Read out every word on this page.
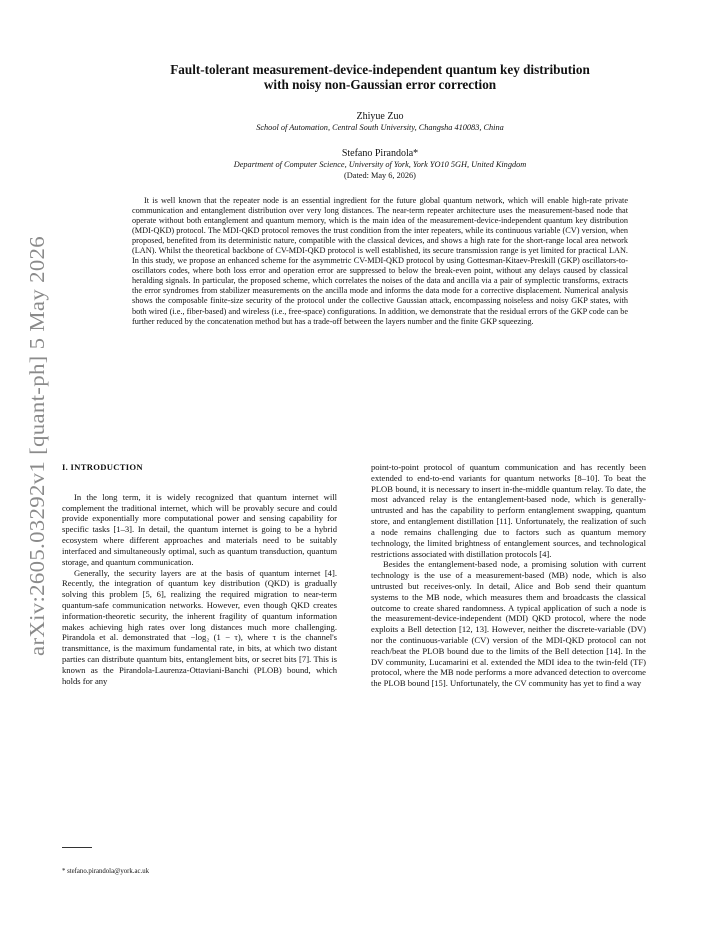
arXiv:2605.03292v1 [quant-ph] 5 May 2026
Fault-tolerant measurement-device-independent quantum key distribution
with noisy non-Gaussian error correction

Zhiyue Zuo

School of Automation, Central South University, Changsha 410083, China

Stefano Pirandola*

Department of Computer Science, University of York, York YO10 5GH, United Kingdom

(Dated: May 6, 2026)

It is well known that the repeater node is an essential ingredient for the future global quantum network, which will enable high-rate private communication and entanglement distribution over very long distances. The near-term repeater architecture uses the measurement-based node that operate without both entanglement and quantum memory, which is the main idea of the measurement-device-independent quantum key distribution (MDI-QKD) protocol. The MDI-QKD protocol removes the trust condition from the inter repeaters, while its continuous variable (CV) version, when proposed, benefited from its deterministic nature, compatible with the classical devices, and shows a high rate for the short-range local area network (LAN). Whilst the theoretical backbone of CV-MDI-QKD protocol is well established, its secure transmission range is yet limited for practical LAN. In this study, we propose an enhanced scheme for the asymmetric CV-MDI-QKD protocol by using Gottesman-Kitaev-Preskill (GKP) oscillators-to-oscillators codes, where both loss error and operation error are suppressed to below the break-even point, without any delays caused by classical heralding signals. In particular, the proposed scheme, which correlates the noises of the data and ancilla via a pair of symplectic transforms, extracts the error syndromes from stabilizer measurements on the ancilla mode and informs the data mode for a corrective displacement. Numerical analysis shows the composable finite-size security of the protocol under the collective Gaussian attack, encompassing noiseless and noisy GKP states, with both wired (i.e., fiber-based) and wireless (i.e., free-space) configurations. In addition, we demonstrate that the residual errors of the GKP code can be further reduced by the concatenation method but has a trade-off between the layers number and the finite GKP squeezing.

I. INTRODUCTION

In the long term, it is widely recognized that quantum internet will complement the traditional internet, which will be provably secure and could provide exponentially more computational power and sensing capability for specific tasks [1–3]. In detail, the quantum internet is going to be a hybrid ecosystem where different approaches and materials need to be suitably interfaced and simultaneously optimal, such as quantum transduction, quantum storage, and quantum communication.

Generally, the security layers are at the basis of quantum internet [4]. Recently, the integration of quantum key distribution (QKD) is gradually solving this problem [5, 6], realizing the required migration to near-term quantum-safe communication networks. However, even though QKD creates information-theoretic security, the inherent fragility of quantum information makes achieving high rates over long distances much more challenging. Pirandola et al. demonstrated that −log₂ (1 − τ), where τ is the channel's transmittance, is the maximum fundamental rate, in bits, at which two distant parties can distribute quantum bits, entanglement bits, or secret bits [7]. This is known as the Pirandola-Laurenza-Ottaviani-Banchi (PLOB) bound, which holds for any

point-to-point protocol of quantum communication and has recently been extended to end-to-end variants for quantum networks [8–10]. To beat the PLOB bound, it is necessary to insert in-the-middle quantum relay. To date, the most advanced relay is the entanglement-based node, which is generally-untrusted and has the capability to perform entanglement swapping, quantum store, and entanglement distillation [11]. Unfortunately, the realization of such a node remains challenging due to factors such as quantum memory technology, the limited brightness of entanglement sources, and technological restrictions associated with distillation protocols [4].

Besides the entanglement-based node, a promising solution with current technology is the use of a measurement-based (MB) node, which is also untrusted but receives-only. In detail, Alice and Bob send their quantum systems to the MB node, which measures them and broadcasts the classical outcome to create shared randomness. A typical application of such a node is the measurement-device-independent (MDI) QKD protocol, where the node exploits a Bell detection [12, 13]. However, neither the discrete-variable (DV) nor the continuous-variable (CV) version of the MDI-QKD protocol can not reach/beat the PLOB bound due to the limits of the Bell detection [14]. In the DV community, Lucamarini et al. extended the MDI idea to the twin-feld (TF) protocol, where the MB node performs a more advanced detection to overcome the PLOB bound [15]. Unfortunately, the CV community has yet to find a way

* stefano.pirandola@york.ac.uk
